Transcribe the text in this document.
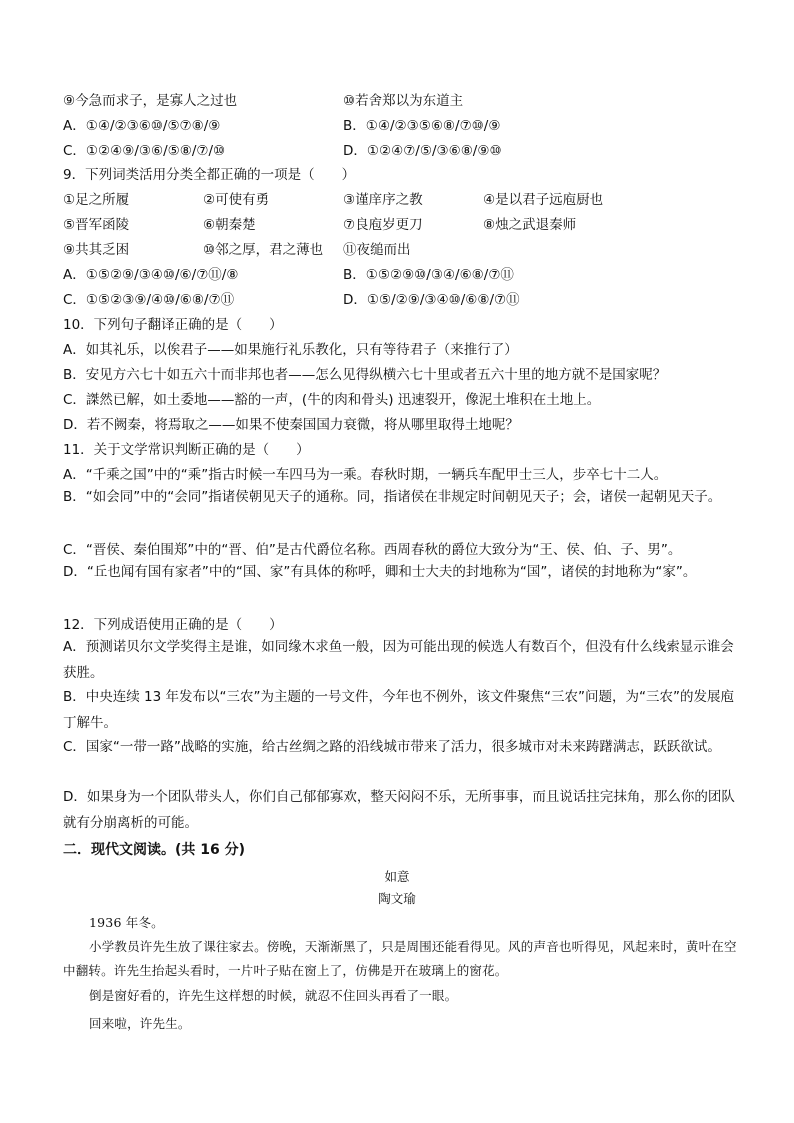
⑨今急而求子，是寡人之过也	⑩若舍郑以为东道主
A．①④/②③⑥⑩/⑤⑦⑧/⑨	B．①④/②③⑤⑥⑧/⑦⑩/⑨
C．①②④⑨/③⑥/⑤⑧/⑦/⑩	D．①②④⑦/⑤/③⑥⑧/⑨⑩
9．下列词类活用分类全都正确的一项是（　　）
①足之所履	②可使有勇	③谨庠序之教	④是以君子远庖厨也
⑤晋军函陵	⑥朝秦楚	⑦良庖岁更刀	⑧烛之武退秦师
⑨共其乏困	⑩邻之厚，君之薄也 ⑪夜缒而出
A．①⑤②⑨/③④⑩/⑥/⑦⑪/⑧	B．①⑤②⑨⑩/③④/⑥⑧/⑦⑪
C．①⑤②③⑨/④⑩/⑥⑧/⑦⑪	D．①⑤/②⑨/③④⑩/⑥⑧/⑦⑪
10．下列句子翻译正确的是（　　）
A．如其礼乐，以俟君子——如果施行礼乐教化，只有等待君子（来推行了）
B．安见方六七十如五六十而非邦也者——怎么见得纵横六七十里或者五六十里的地方就不是国家呢？
C．謋然已解，如土委地——豁的一声，(牛的肉和骨头) 迅速裂开，像泥土堆积在土地上。
D．若不阙秦，将焉取之——如果不使秦国国力衰微，将从哪里取得土地呢？
11．关于文学常识判断正确的是（　　）
A．“千乘之国”中的“乘”指古时候一车四马为一乘。春秋时期，一辆兵车配甲士三人，步卒七十二人。
B．“如会同”中的“会同”指诸侯朝见天子的通称。同，指诸侯在非规定时间朝见天子；会，诸侯一起朝见天子。
C．“晋侯、秦伯围郑”中的“晋、伯”是古代爵位名称。西周春秋的爵位大致分为“王、侯、伯、子、男”。
D．“丘也闻有国有家者”中的“国、家”有具体的称呼，卿和士大夫的封地称为“国”，诸侯的封地称为“家”。
12．下列成语使用正确的是（　　）
A．预测诺贝尔文学奖得主是谁，如同缘木求鱼一般，因为可能出现的候选人有数百个，但没有什么线索显示谁会获胜。
B．中央连续 13 年发布以“三农”为主题的一号文件，今年也不例外，该文件聚焦“三农”问题，为“三农”的发展庖丁解牛。
C．国家“一带一路”战略的实施，给古丝绸之路的沿线城市带来了活力，很多城市对未来踌躇满志，跃跃欲试。
D．如果身为一个团队带头人，你们自己郁郁寡欢，整天闷闷不乐，无所事事，而且说话拄完抹角，那么你的团队就有分崩离析的可能。
二．现代文阅读。(共 16 分)
如意
陶文瑜
1936 年冬。
小学教员许先生放了课往家去。傍晚，天渐渐黑了，只是周围还能看得见。风的声音也听得见，风起来时，黄叶在空中翻转。许先生抬起头看时，一片叶子贴在窗上了，仿佛是开在玻璃上的窗花。
倒是窗好看的，许先生这样想的时候，就忍不住回头再看了一眼。
回来啦，许先生。
